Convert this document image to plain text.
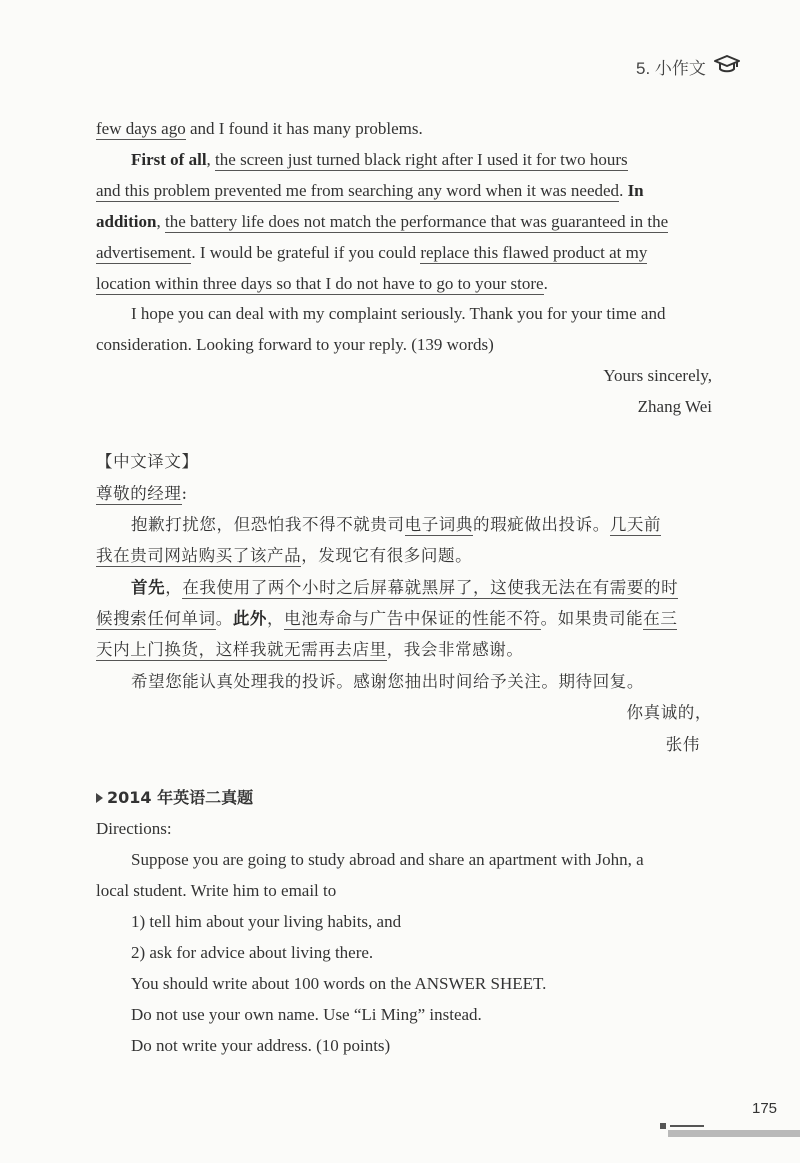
5. 小作文
few days ago and I found it has many problems.
First of all, the screen just turned black right after I used it for two hours
and this problem prevented me from searching any word when it was needed. In
addition, the battery life does not match the performance that was guaranteed in the
advertisement. I would be grateful if you could replace this flawed product at my
location within three days so that I do not have to go to your store.
I hope you can deal with my complaint seriously. Thank you for your time and
consideration. Looking forward to your reply. (139 words)
Yours sincerely,
Zhang Wei
【中文译文】
尊敬的经理:
抱歉打扰您，但恐怕我不得不就贵司电子词典的瑕疵做出投诉。几天前
我在贵司网站购买了该产品，发现它有很多问题。
首先，在我使用了两个小时之后屏幕就黑屏了，这使我无法在有需要的时
候搜索任何单词。此外，电池寿命与广告中保证的性能不符。如果贵司能在三
天内上门换货，这样我就无需再去店里，我会非常感谢。
希望您能认真处理我的投诉。感谢您抽出时间给予关注。期待回复。
你真诚的，
张伟
2014 年英语二真题
Directions:
Suppose you are going to study abroad and share an apartment with John, a
local student. Write him to email to
1) tell him about your living habits, and
2) ask for advice about living there.
You should write about 100 words on the ANSWER SHEET.
Do not use your own name. Use “Li Ming” instead.
Do not write your address. (10 points)
175
